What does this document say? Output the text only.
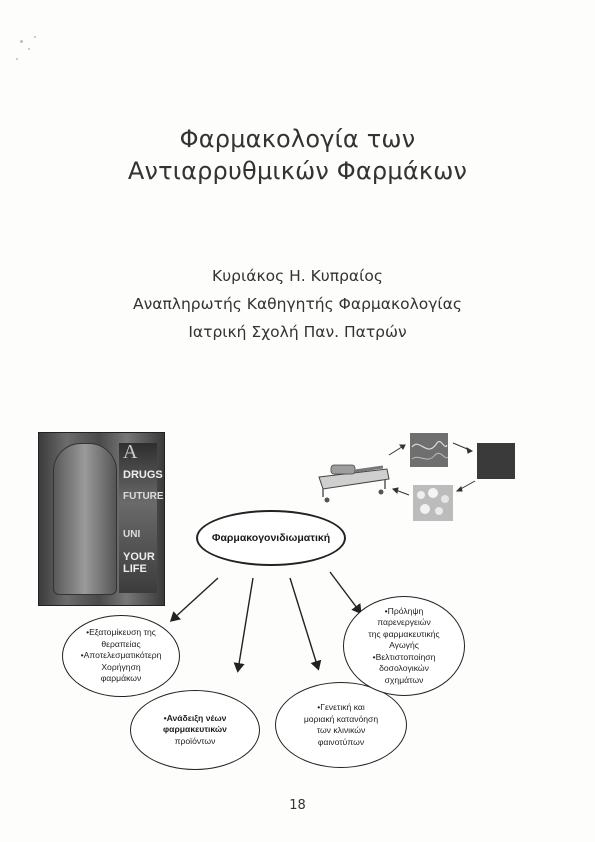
Φαρμακολογία των
Αντιαρρυθμικών Φαρμάκων
Κυριάκος Η. Κυπραίος
Αναπληρωτής Καθηγητής Φαρμακολογίας
Ιατρική Σχολή Παν. Πατρών
A
DRUGS
FUTURE
UNI
YOUR LIFE
Φαρμακογονιδιωματική
•Εξατομίκευση της
θεραπείας
•Αποτελεσματικότερη
Χορήγηση
φαρμάκων
•Ανάδειξη νέων
φαρμακευτικών
προϊόντων
•Γενετική και
μοριακή κατανόηση
των κλινικών
φαινοτύπων
•Πρόληψη
παρενεργειών
της φαρμακευτικής
Αγωγής
•Βελτιστοποίηση
δοσολογικών
σχημάτων
18
